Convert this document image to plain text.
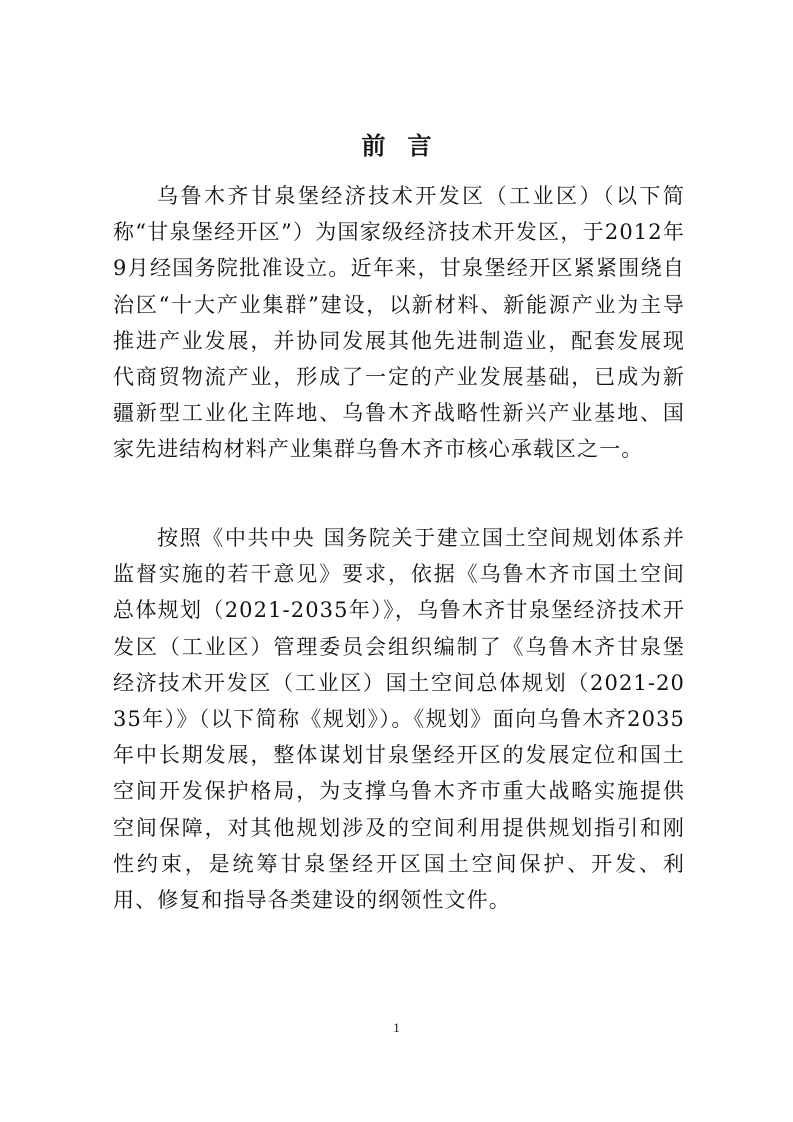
前言

乌鲁木齐甘泉堡经济技术开发区（工业区）（以下简称“甘泉堡经开区”）为国家级经济技术开发区，于2012年9月经国务院批准设立。近年来，甘泉堡经开区紧紧围绕自治区“十大产业集群”建设，以新材料、新能源产业为主导推进产业发展，并协同发展其他先进制造业，配套发展现代商贸物流产业，形成了一定的产业发展基础，已成为新疆新型工业化主阵地、乌鲁木齐战略性新兴产业基地、国家先进结构材料产业集群乌鲁木齐市核心承载区之一。

按照《中共中央 国务院关于建立国土空间规划体系并监督实施的若干意见》要求，依据《乌鲁木齐市国土空间总体规划（2021-2035年）》，乌鲁木齐甘泉堡经济技术开发区（工业区）管理委员会组织编制了《乌鲁木齐甘泉堡经济技术开发区（工业区）国土空间总体规划（2021-2035年）》（以下简称《规划》）。《规划》面向乌鲁木齐2035年中长期发展，整体谋划甘泉堡经开区的发展定位和国土空间开发保护格局，为支撑乌鲁木齐市重大战略实施提供空间保障，对其他规划涉及的空间利用提供规划指引和刚性约束，是统筹甘泉堡经开区国土空间保护、开发、利用、修复和指导各类建设的纲领性文件。

1
